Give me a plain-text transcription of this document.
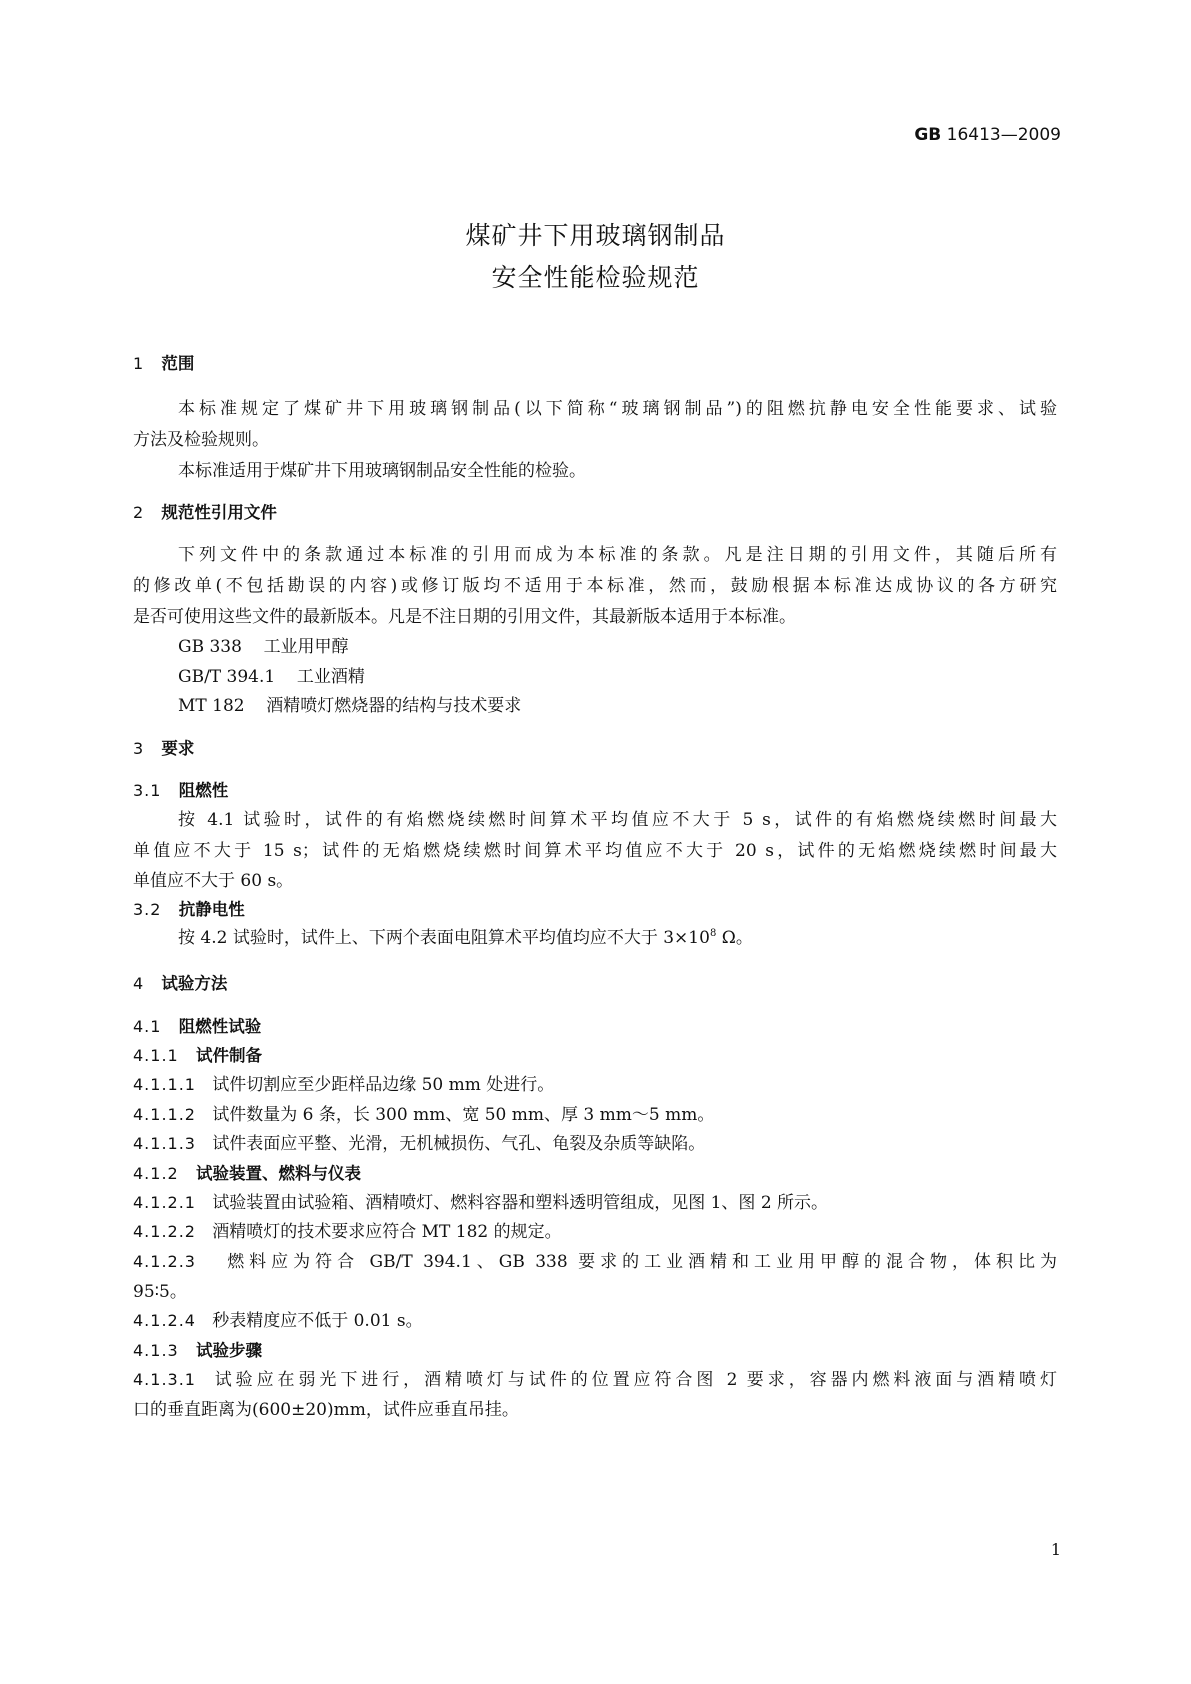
GB 16413—2009
煤矿井下用玻璃钢制品
安全性能检验规范
1 范围
本标准规定了煤矿井下用玻璃钢制品(以下简称“玻璃钢制品”)的阻燃抗静电安全性能要求、试验
方法及检验规则。
本标准适用于煤矿井下用玻璃钢制品安全性能的检验。
2 规范性引用文件
下列文件中的条款通过本标准的引用而成为本标准的条款。凡是注日期的引用文件，其随后所有
的修改单(不包括勘误的内容)或修订版均不适用于本标准，然而，鼓励根据本标准达成协议的各方研究
是否可使用这些文件的最新版本。凡是不注日期的引用文件，其最新版本适用于本标准。
GB 338 工业用甲醇
GB/T 394.1 工业酒精
MT 182 酒精喷灯燃烧器的结构与技术要求
3 要求
3.1 阻燃性
按 4.1 试验时，试件的有焰燃烧续燃时间算术平均值应不大于 5 s，试件的有焰燃烧续燃时间最大
单值应不大于 15 s；试件的无焰燃烧续燃时间算术平均值应不大于 20 s，试件的无焰燃烧续燃时间最大
单值应不大于 60 s。
3.2 抗静电性
按 4.2 试验时，试件上、下两个表面电阻算术平均值均应不大于 $3\times 10^8$ Ω。
4 试验方法
4.1 阻燃性试验
4.1.1 试件制备
4.1.1.1 试件切割应至少距样品边缘 50 mm 处进行。
4.1.1.2 试件数量为 6 条，长 300 mm、宽 50 mm、厚 3 mm～5 mm。
4.1.1.3 试件表面应平整、光滑，无机械损伤、气孔、龟裂及杂质等缺陷。
4.1.2 试验装置、燃料与仪表
4.1.2.1 试验装置由试验箱、酒精喷灯、燃料容器和塑料透明管组成，见图 1、图 2 所示。
4.1.2.2 酒精喷灯的技术要求应符合 MT 182 的规定。
4.1.2.3 燃料应为符合 GB/T 394.1、GB 338 要求的工业酒精和工业用甲醇的混合物，体积比为
95∶5。
4.1.2.4 秒表精度应不低于 0.01 s。
4.1.3 试验步骤
4.1.3.1 试验应在弱光下进行，酒精喷灯与试件的位置应符合图 2 要求，容器内燃料液面与酒精喷灯
口的垂直距离为(600±20)mm，试件应垂直吊挂。
1
